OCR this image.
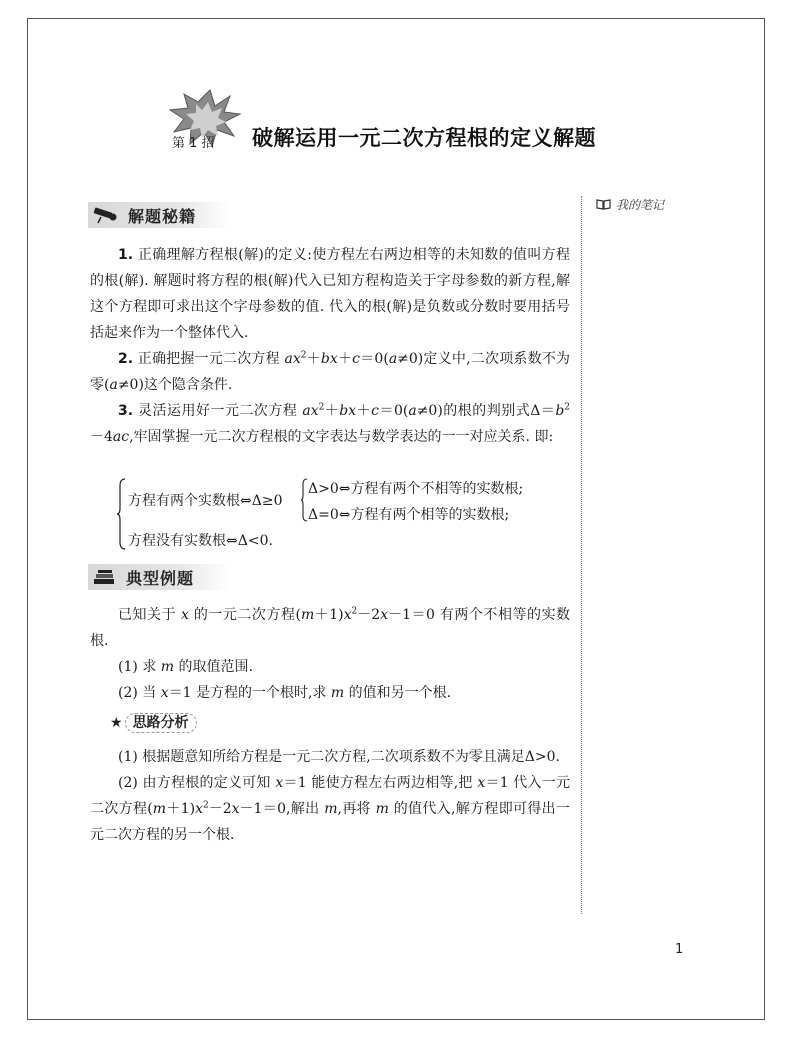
第 1 招 破解运用一元二次方程根的定义解题
我的笔记
解题秘籍

1. 正确理解方程根(解)的定义:使方程左右两边相等的未知数的值叫方程的根(解). 解题时将方程的根(解)代入已知方程构造关于字母参数的新方程,解这个方程即可求出这个字母参数的值. 代入的根(解)是负数或分数时要用括号括起来作为一个整体代入.

2. 正确把握一元二次方程 $ax^2+bx+c=0(a\ne 0)$定义中,二次项系数不为零(a≠0)这个隐含条件.

3. 灵活运用好一元二次方程 $ax^2+bx+c=0(a\ne 0)$的根的判别式$\Delta=b^2-4ac$,牢固掌握一元二次方程根的文字表达与数学表达的一一对应关系. 即:

方程有两个实数根⇔Δ≥0
Δ>0⇔方程有两个不相等的实数根;
Δ=0⇔方程有两个相等的实数根;
方程没有实数根⇔Δ<0.
典型例题

已知关于 x 的一元二次方程$(m+1)x^2-2x-1=0$ 有两个不相等的实数根.

(1) 求 m 的取值范围.

(2) 当 x＝1 是方程的一个根时,求 m 的值和另一个根.

★ 思路分析

(1) 根据题意知所给方程是一元二次方程,二次项系数不为零且满足Δ>0.

(2) 由方程根的定义可知 x＝1 能使方程左右两边相等,把 x＝1 代入一元二次方程$(m+1)x^2-2x-1=0$,解出 m,再将 m 的值代入,解方程即可得出一元二次方程的另一个根.

1
